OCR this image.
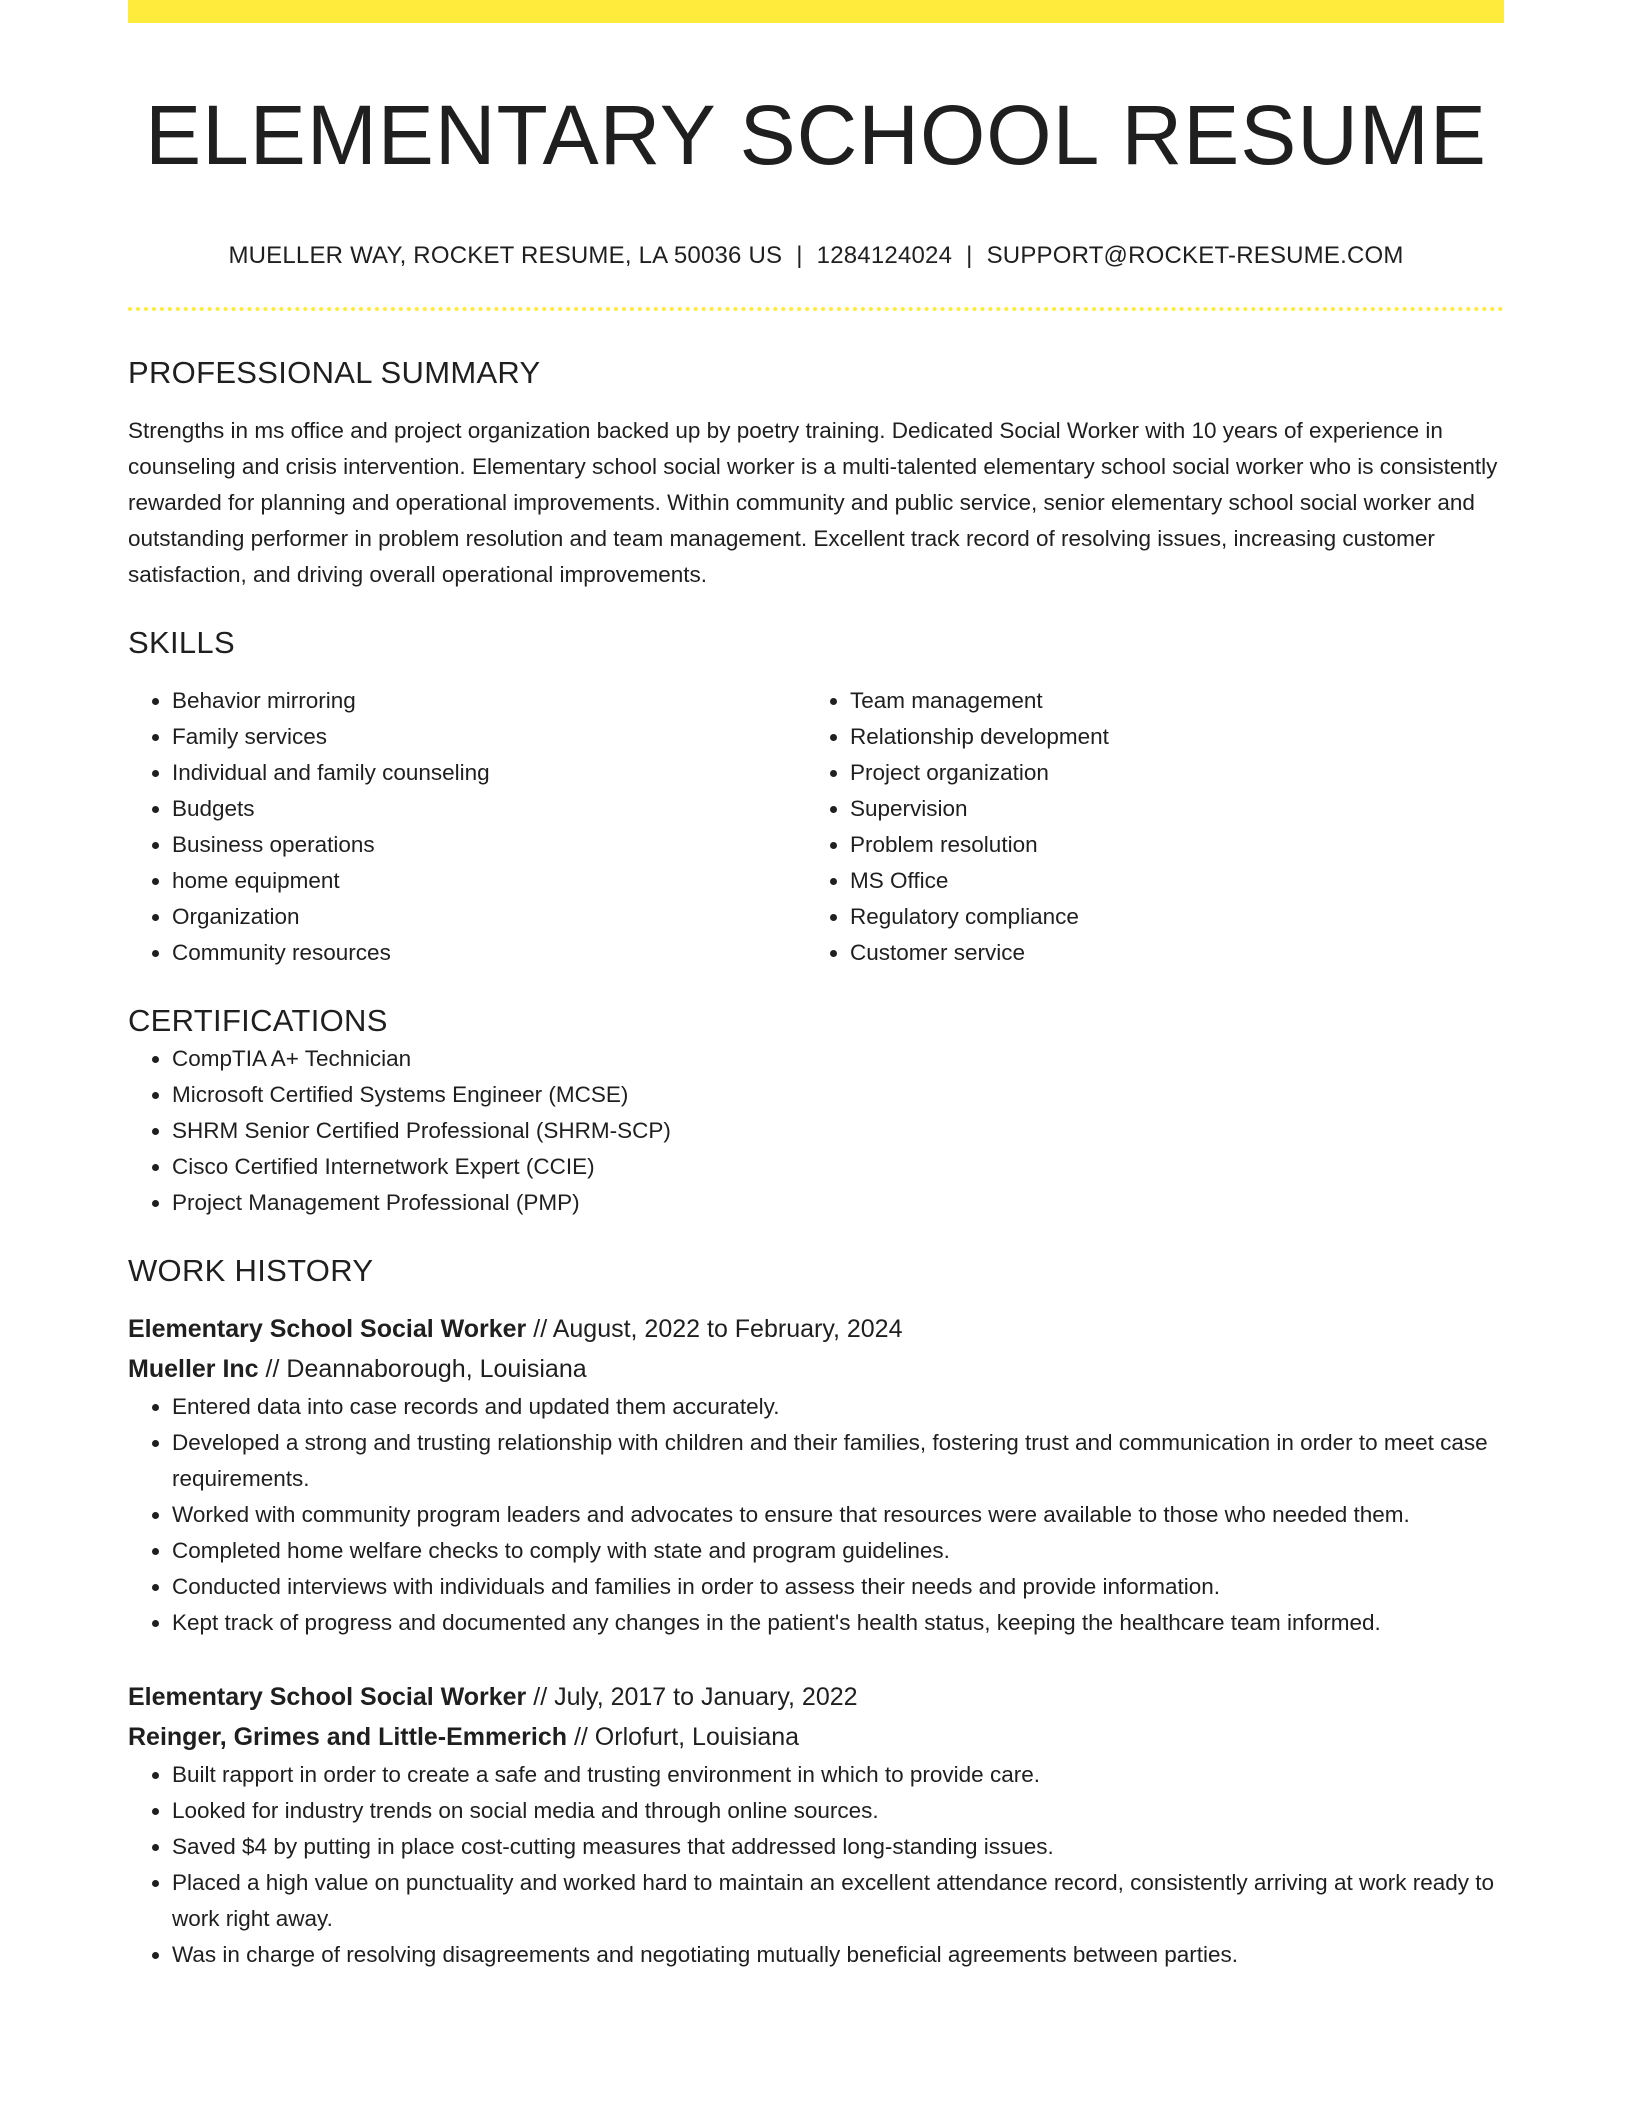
ELEMENTARY SCHOOL RESUME
MUELLER WAY, ROCKET RESUME, LA 50036 US | 1284124024 | SUPPORT@ROCKET-RESUME.COM
PROFESSIONAL SUMMARY

Strengths in ms office and project organization backed up by poetry training. Dedicated Social Worker with 10 years of experience in counseling and crisis intervention. Elementary school social worker is a multi-talented elementary school social worker who is consistently rewarded for planning and operational improvements. Within community and public service, senior elementary school social worker and outstanding performer in problem resolution and team management. Excellent track record of resolving issues, increasing customer satisfaction, and driving overall operational improvements.

SKILLS
• Behavior mirroring
• Family services
• Individual and family counseling
• Budgets
• Business operations
• home equipment
• Organization
• Community resources
• Team management
• Relationship development
• Project organization
• Supervision
• Problem resolution
• MS Office
• Regulatory compliance
• Customer service
CERTIFICATIONS
• CompTIA A+ Technician
• Microsoft Certified Systems Engineer (MCSE)
• SHRM Senior Certified Professional (SHRM-SCP)
• Cisco Certified Internetwork Expert (CCIE)
• Project Management Professional (PMP)
WORK HISTORY
Elementary School Social Worker // August, 2022 to February, 2024
Mueller Inc // Deannaborough, Louisiana
• Entered data into case records and updated them accurately.
• Developed a strong and trusting relationship with children and their families, fostering trust and communication in order to meet case requirements.
• Worked with community program leaders and advocates to ensure that resources were available to those who needed them.
• Completed home welfare checks to comply with state and program guidelines.
• Conducted interviews with individuals and families in order to assess their needs and provide information.
• Kept track of progress and documented any changes in the patient's health status, keeping the healthcare team informed.
Elementary School Social Worker // July, 2017 to January, 2022
Reinger, Grimes and Little-Emmerich // Orlofurt, Louisiana
• Built rapport in order to create a safe and trusting environment in which to provide care.
• Looked for industry trends on social media and through online sources.
• Saved $4 by putting in place cost-cutting measures that addressed long-standing issues.
• Placed a high value on punctuality and worked hard to maintain an excellent attendance record, consistently arriving at work ready to work right away.
• Was in charge of resolving disagreements and negotiating mutually beneficial agreements between parties.
